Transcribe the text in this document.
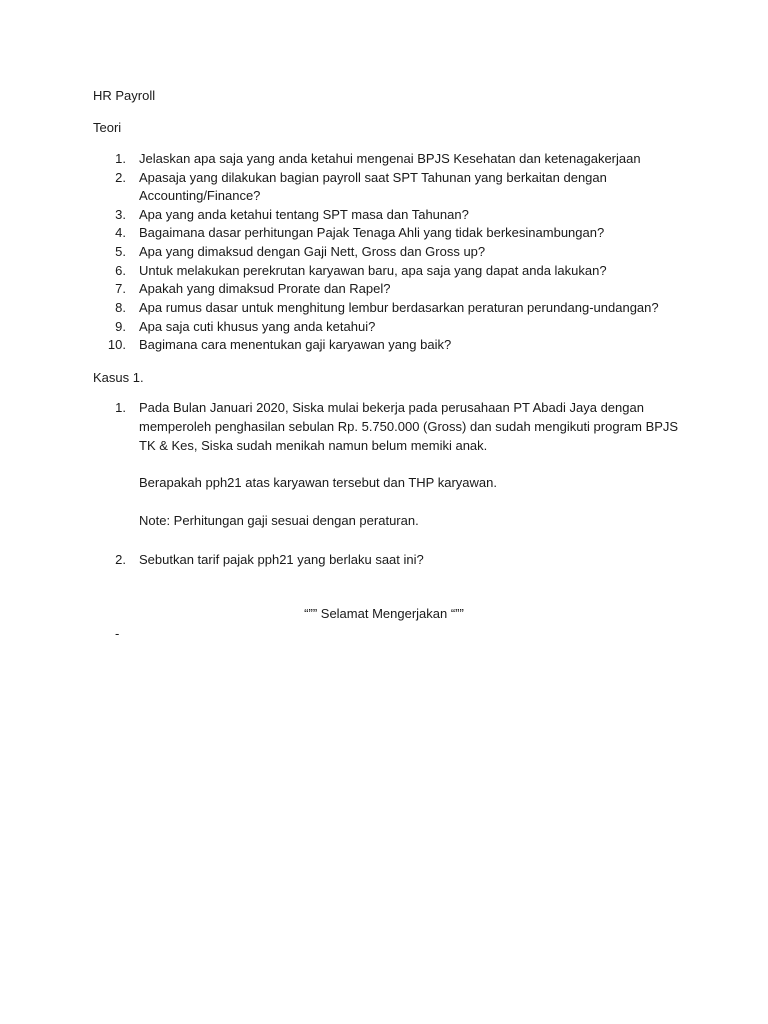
HR Payroll
Teori
1. Jelaskan apa saja yang anda ketahui mengenai BPJS Kesehatan dan ketenagakerjaan
2. Apasaja yang dilakukan bagian payroll saat SPT Tahunan yang berkaitan dengan
Accounting/Finance?
3. Apa yang anda ketahui tentang SPT masa dan Tahunan?
4. Bagaimana dasar perhitungan Pajak Tenaga Ahli yang tidak berkesinambungan?
5. Apa yang dimaksud dengan Gaji Nett, Gross dan Gross up?
6. Untuk melakukan perekrutan karyawan baru, apa saja yang dapat anda lakukan?
7. Apakah yang dimaksud Prorate dan Rapel?
8. Apa rumus dasar untuk menghitung lembur berdasarkan peraturan perundang-undangan?
9. Apa saja cuti khusus yang anda ketahui?
10. Bagimana cara menentukan gaji karyawan yang baik?
Kasus 1.
1. Pada Bulan Januari 2020, Siska mulai bekerja pada perusahaan PT Abadi Jaya dengan
memperoleh penghasilan sebulan Rp. 5.750.000 (Gross) dan sudah mengikuti program BPJS
TK & Kes, Siska sudah menikah namun belum memiki anak.
Berapakah pph21 atas karyawan tersebut dan THP karyawan.
Note: Perhitungan gaji sesuai dengan peraturan.
2. Sebutkan tarif pajak pph21 yang berlaku saat ini?
“”” Selamat Mengerjakan “””
-
